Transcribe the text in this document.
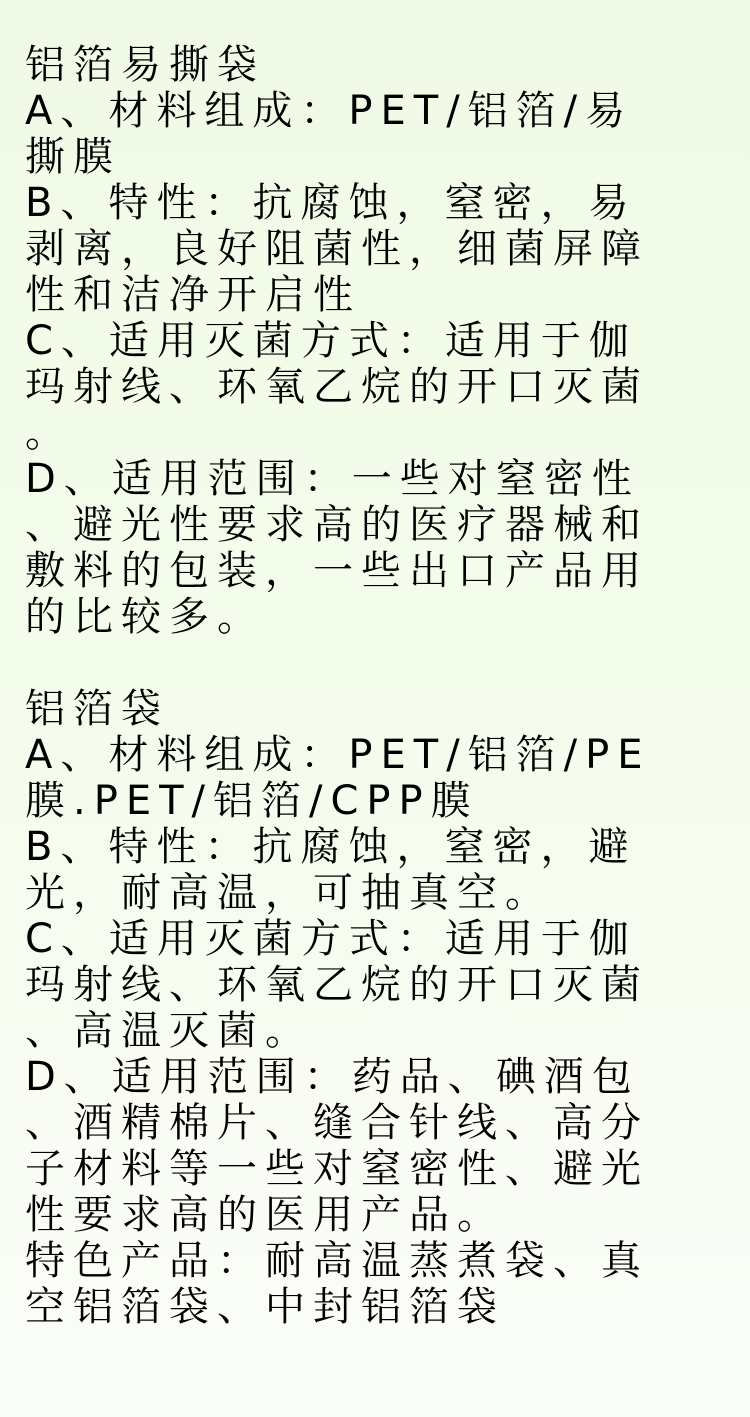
铝箔易撕袋
A、材料组成：PET/铝箔/易
撕膜
B、特性：抗腐蚀，窒密，易
剥离，良好阻菌性，细菌屏障
性和洁净开启性
C、适用灭菌方式：适用于伽
玛射线、环氧乙烷的开口灭菌
。
D、适用范围：一些对窒密性
、避光性要求高的医疗器械和
敷料的包装，一些出口产品用
的比较多。
铝箔袋
A、材料组成：PET/铝箔/PE
膜.PET/铝箔/CPP膜
B、特性：抗腐蚀，窒密，避
光，耐高温，可抽真空。
C、适用灭菌方式：适用于伽
玛射线、环氧乙烷的开口灭菌
、高温灭菌。
D、适用范围：药品、碘酒包
、酒精棉片、缝合针线、高分
子材料等一些对窒密性、避光
性要求高的医用产品。
特色产品：耐高温蒸煮袋、真
空铝箔袋、中封铝箔袋
